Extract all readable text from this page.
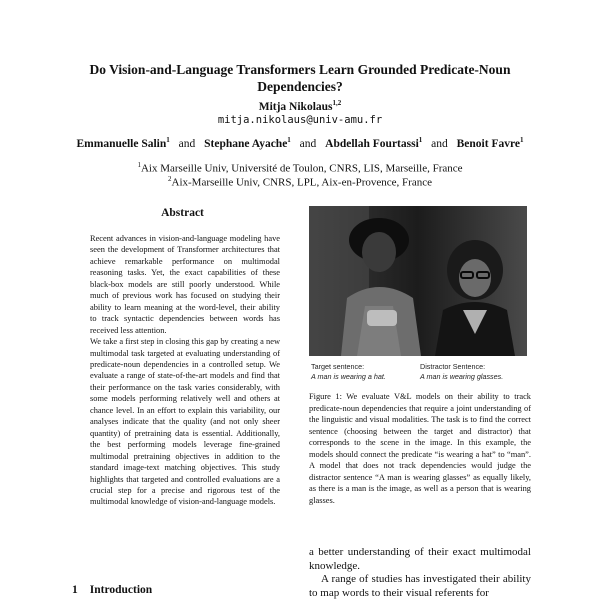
Do Vision-and-Language Transformers Learn Grounded Predicate-Noun Dependencies?
Mitja Nikolaus$^{1,2}$
mitja.nikolaus@univ-amu.fr
Emmanuelle Salin$^1$ and Stephane Ayache$^1$ and Abdellah Fourtassi$^1$ and Benoit Favre$^1$
$^1$Aix Marseille Univ, Université de Toulon, CNRS, LIS, Marseille, France
$^2$Aix-Marseille Univ, CNRS, LPL, Aix-en-Provence, France
Abstract

Recent advances in vision-and-language modeling have seen the development of Transformer architectures that achieve remarkable performance on multimodal reasoning tasks. Yet, the exact capabilities of these black-box models are still poorly understood. While much of previous work has focused on studying their ability to learn meaning at the word-level, their ability to track syntactic dependencies between words has received less attention.

We take a first step in closing this gap by creating a new multimodal task targeted at evaluating understanding of predicate-noun dependencies in a controlled setup. We evaluate a range of state-of-the-art models and find that their performance on the task varies considerably, with some models performing relatively well and others at chance level. In an effort to explain this variability, our analyses indicate that the quality (and not only sheer quantity) of pretraining data is essential. Additionally, the best performing models leverage fine-grained multimodal pretraining objectives in addition to the standard image-text matching objectives. This study highlights that targeted and controlled evaluations are a crucial step for a precise and rigorous test of the multimodal knowledge of vision-and-language models.

1 Introduction
Target sentence:
A man is wearing a hat.
Distractor Sentence:
A man is wearing glasses.
Figure 1: We evaluate V&L models on their ability to track predicate-noun dependencies that require a joint understanding of the linguistic and visual modalities. The task is to find the correct sentence (choosing between the target and distractor) that corresponds to the scene in the image. In this example, the models should connect the predicate “is wearing a hat” to “man”. A model that does not track dependencies would judge the distractor sentence “A man is wearing glasses” as equally likely, as there is a man is the image, as well as a person that is wearing glasses.

a better understanding of their exact multimodal knowledge.

A range of studies has investigated their ability to map words to their visual referents for
